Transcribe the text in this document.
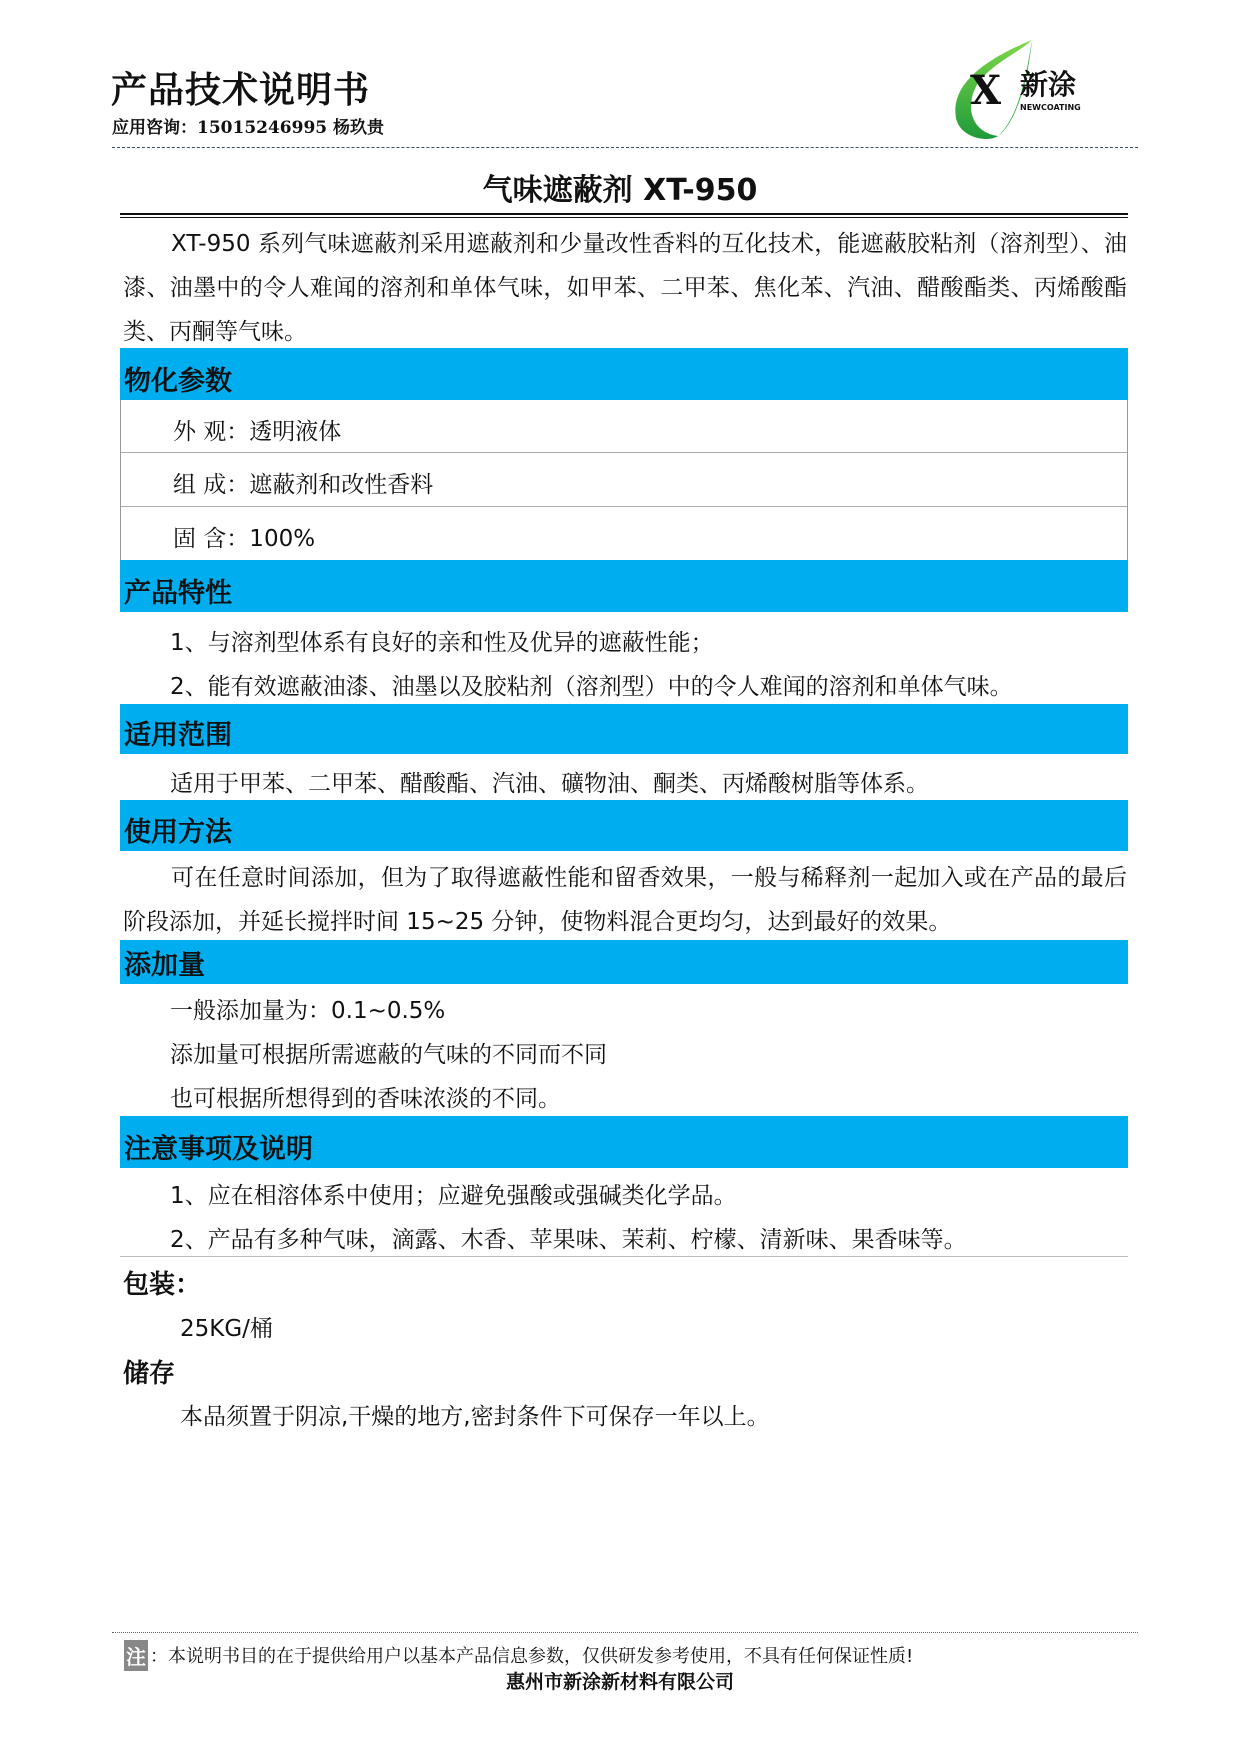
产品技术说明书
应用咨询：15015246995 杨玖贵
X 新涂
NEWCOATING
气味遮蔽剂 XT-950
XT-950 系列气味遮蔽剂采用遮蔽剂和少量改性香料的互化技术，能遮蔽胶粘剂（溶剂型）、油漆、油墨中的令人难闻的溶剂和单体气味，如甲苯、二甲苯、焦化苯、汽油、醋酸酯类、丙烯酸酯类、丙酮等气味。
物化参数
外 观：透明液体
组 成：遮蔽剂和改性香料
固 含：100%
产品特性
1、与溶剂型体系有良好的亲和性及优异的遮蔽性能；
2、能有效遮蔽油漆、油墨以及胶粘剂（溶剂型）中的令人难闻的溶剂和单体气味。
适用范围
适用于甲苯、二甲苯、醋酸酯、汽油、礦物油、酮类、丙烯酸树脂等体系。
使用方法
可在任意时间添加，但为了取得遮蔽性能和留香效果，一般与稀释剂一起加入或在产品的最后阶段添加，并延长搅拌时间 15~25 分钟，使物料混合更均匀，达到最好的效果。
添加量
一般添加量为：0.1~0.5%
添加量可根据所需遮蔽的气味的不同而不同
也可根据所想得到的香味浓淡的不同。
注意事项及说明
1、应在相溶体系中使用；应避免强酸或强碱类化学品。
2、产品有多种气味，滴露、木香、苹果味、茉莉、柠檬、清新味、果香味等。
包装：
25KG/桶
储存
本品须置于阴凉,干燥的地方,密封条件下可保存一年以上。
注 ：本说明书目的在于提供给用户以基本产品信息参数，仅供研发参考使用，不具有任何保证性质!
惠州市新涂新材料有限公司
